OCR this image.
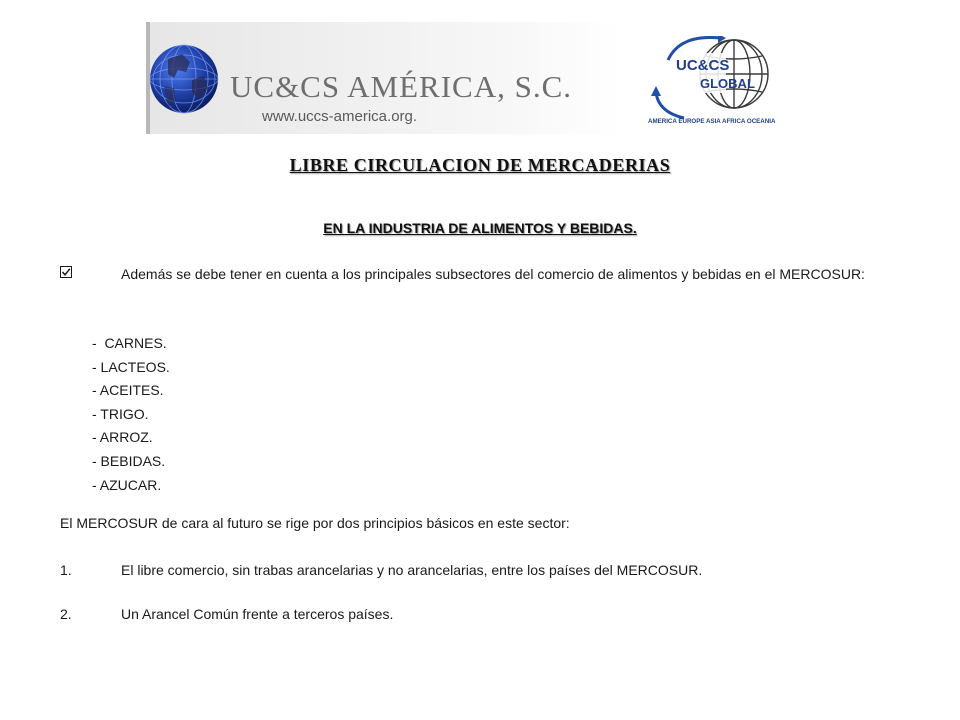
UC&CS AMÉRICA, S.C.
www.uccs-america.org.
UC&CS
GLOBAL
AMERICA EUROPE ASIA AFRICA OCEANIA
LIBRE CIRCULACION DE MERCADERIAS
EN LA INDUSTRIA DE ALIMENTOS Y BEBIDAS.
Además se debe tener en cuenta a los principales subsectores del comercio de alimentos y bebidas en el MERCOSUR:
-  CARNES.
- LACTEOS.
- ACEITES.
- TRIGO.
- ARROZ.
- BEBIDAS.
- AZUCAR.
El MERCOSUR de cara al futuro se rige por dos principios básicos en este sector:
1.	El libre comercio, sin trabas arancelarias y no arancelarias, entre los países del MERCOSUR.
2.	Un Arancel Común frente a terceros países.
